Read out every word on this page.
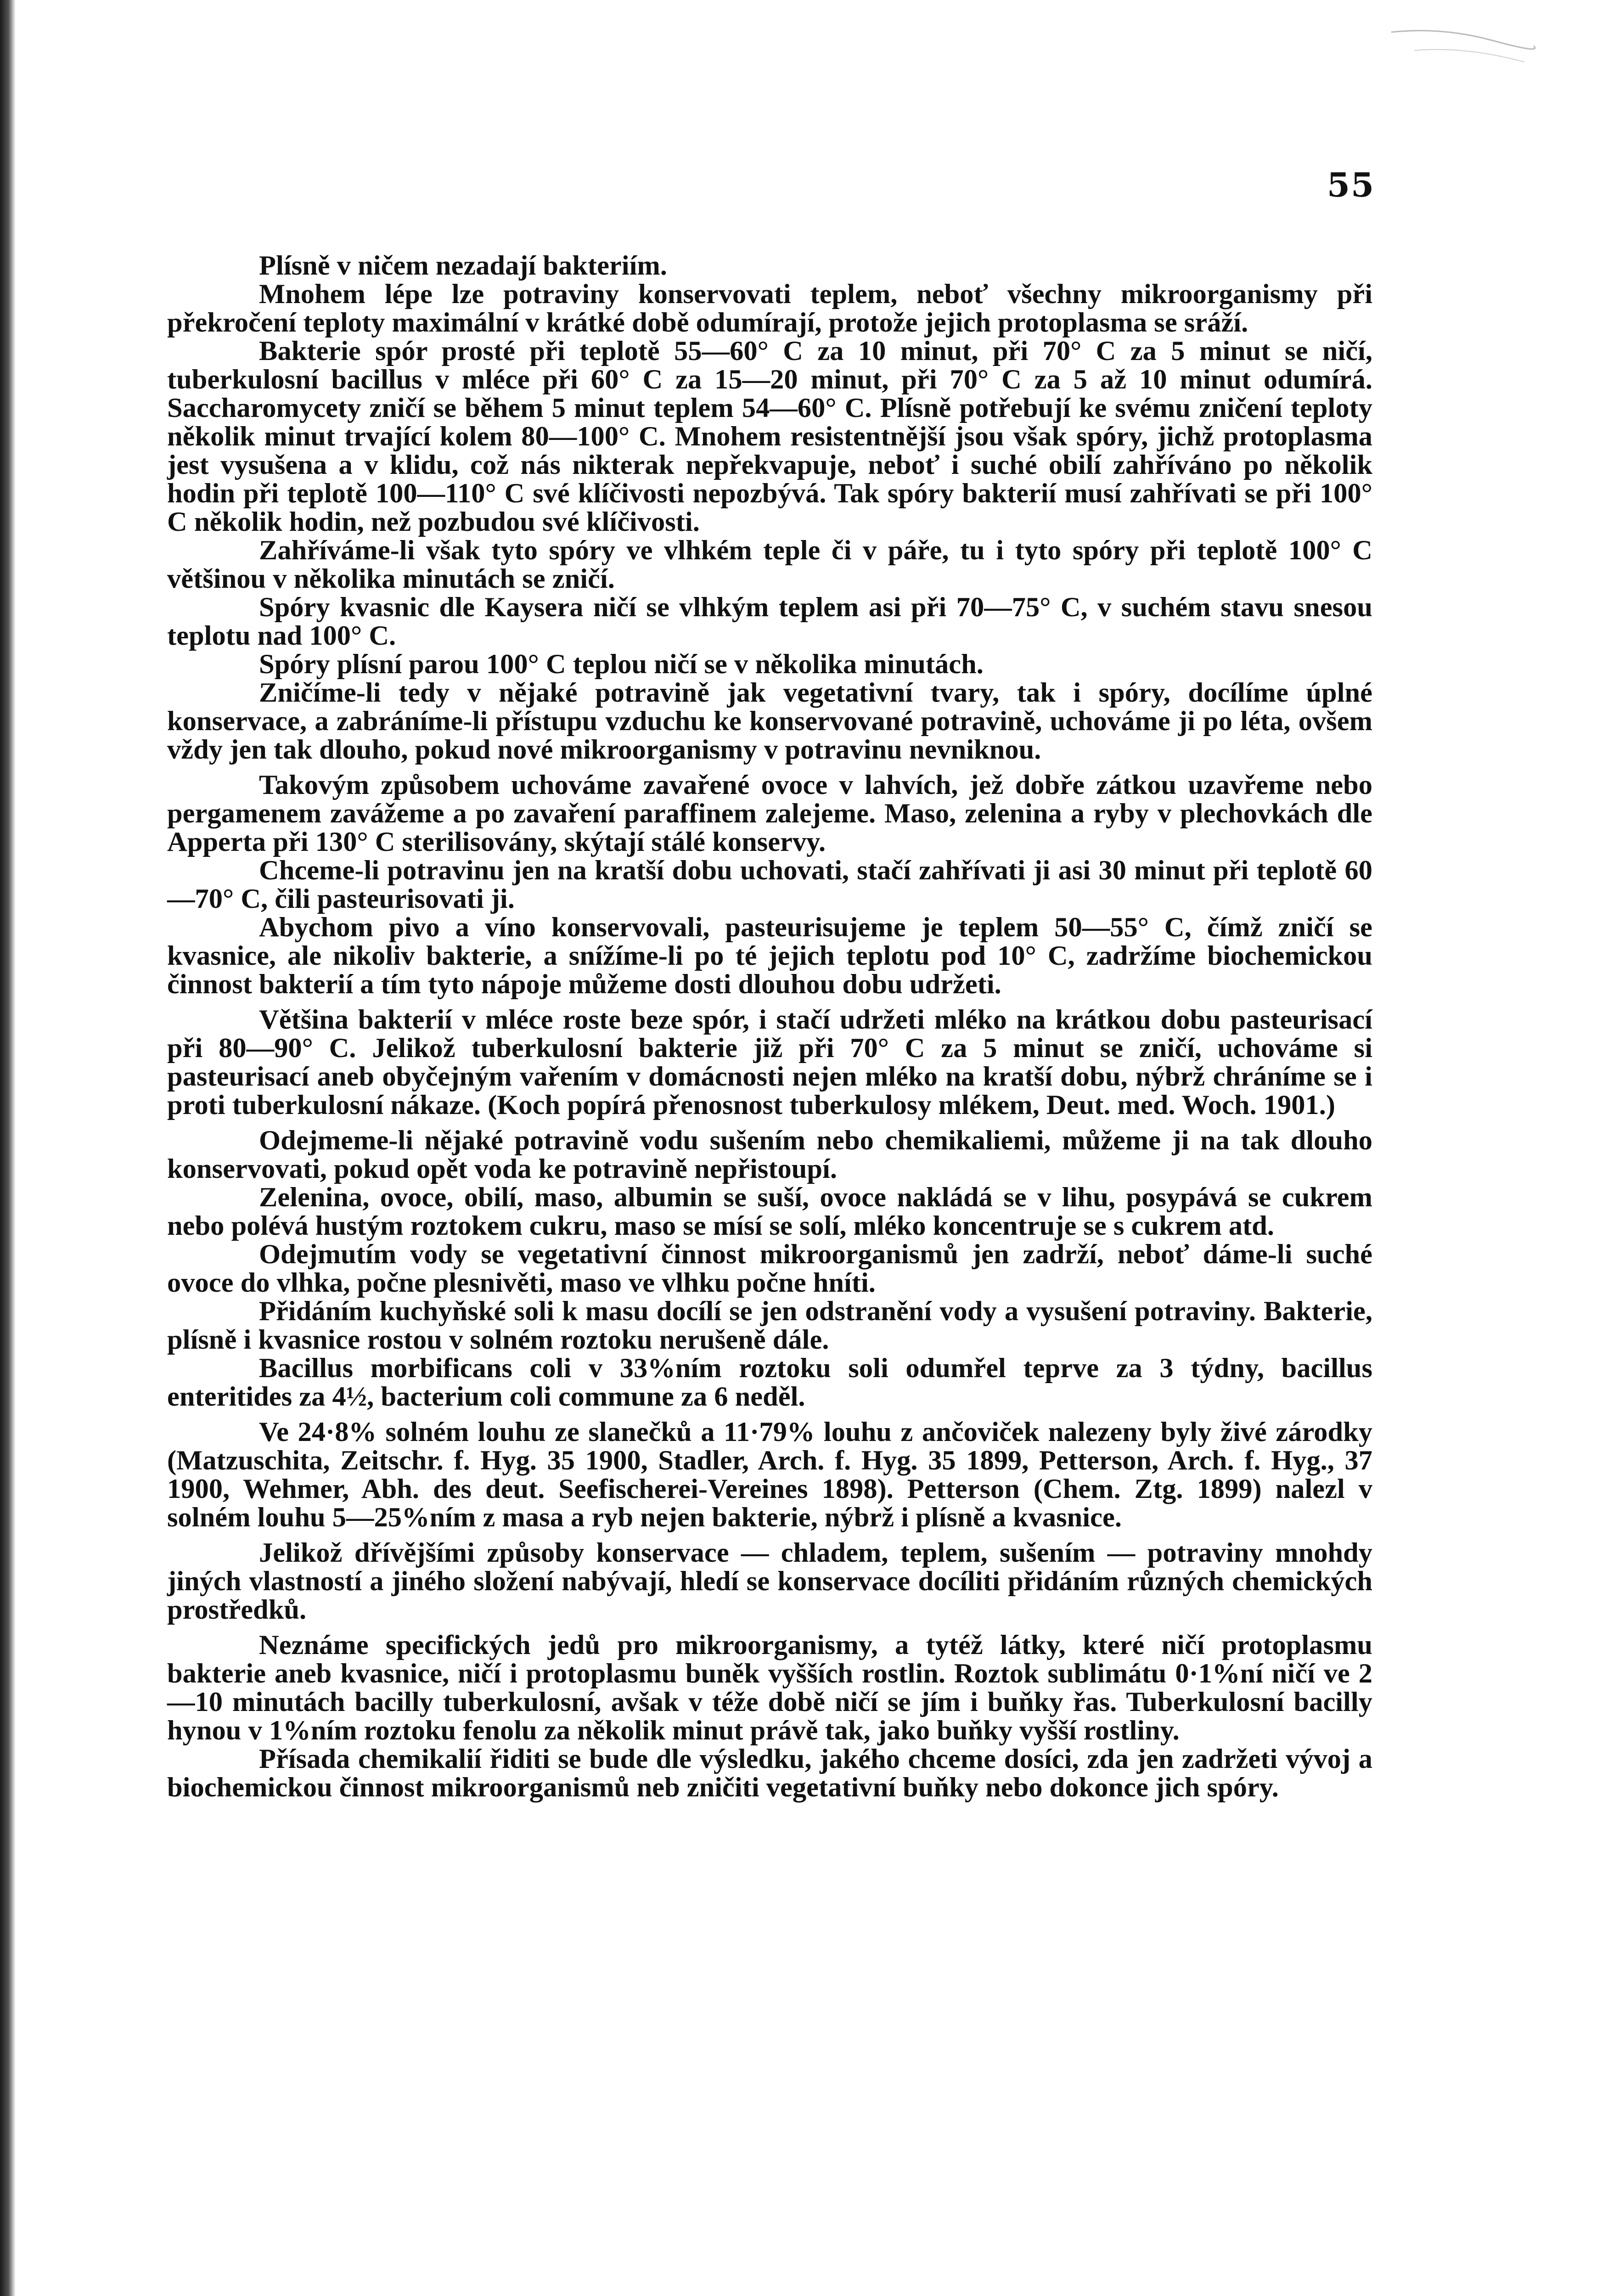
55

Plísně v ničem nezadají bakteriím.

Mnohem lépe lze potraviny konservovati teplem, neboť všechny mikroorganismy při překročení teploty maximální v krátké době odumírají, protože jejich protoplasma se sráží.

Bakterie spór prosté při teplotě 55—60° C za 10 minut, při 70° C za 5 minut se ničí, tuberkulosní bacillus v mléce při 60° C za 15—20 minut, při 70° C za 5 až 10 minut odumírá. Saccharomycety zničí se během 5 minut teplem 54—60° C. Plísně potřebují ke svému zničení teploty několik minut trvající kolem 80—100° C. Mnohem resistentnější jsou však spóry, jichž protoplasma jest vysušena a v klidu, což nás nikterak nepřekvapuje, neboť i suché obilí zahříváno po několik hodin při teplotě 100—110° C své klíčivosti nepozbývá. Tak spóry bakterií musí zahřívati se při 100° C několik hodin, než pozbudou své klíčivosti.

Zahříváme-li však tyto spóry ve vlhkém teple či v páře, tu i tyto spóry při teplotě 100° C většinou v několika minutách se zničí.

Spóry kvasnic dle Kaysera ničí se vlhkým teplem asi při 70—75° C, v suchém stavu snesou teplotu nad 100° C.

Spóry plísní parou 100° C teplou ničí se v několika minutách.

Zničíme-li tedy v nějaké potravině jak vegetativní tvary, tak i spóry, docílíme úplné konservace, a zabráníme-li přístupu vzduchu ke konservované potravině, uchováme ji po léta, ovšem vždy jen tak dlouho, pokud nové mikroorganismy v potravinu nevniknou.

Takovým způsobem uchováme zavařené ovoce v lahvích, jež dobře zátkou uzavřeme nebo pergamenem zavážeme a po zavaření paraffinem zalejeme. Maso, zelenina a ryby v plechovkách dle Apperta při 130° C sterilisovány, skýtají stálé konservy.

Chceme-li potravinu jen na kratší dobu uchovati, stačí zahřívati ji asi 30 minut při teplotě 60—70° C, čili pasteurisovati ji.

Abychom pivo a víno konservovali, pasteurisujeme je teplem 50—55° C, čímž zničí se kvasnice, ale nikoliv bakterie, a snížíme-li po té jejich teplotu pod 10° C, zadržíme biochemickou činnost bakterií a tím tyto nápoje můžeme dosti dlouhou dobu udržeti.

Většina bakterií v mléce roste beze spór, i stačí udržeti mléko na krátkou dobu pasteurisací při 80—90° C. Jelikož tuberkulosní bakterie již při 70° C za 5 minut se zničí, uchováme si pasteurisací aneb obyčejným vařením v domácnosti nejen mléko na kratší dobu, nýbrž chráníme se i proti tuberkulosní nákaze. (Koch popírá přenosnost tuberkulosy mlékem, Deut. med. Woch. 1901.)

Odejmeme-li nějaké potravině vodu sušením nebo chemikaliemi, můžeme ji na tak dlouho konservovati, pokud opět voda ke potravině nepřistoupí.

Zelenina, ovoce, obilí, maso, albumin se suší, ovoce nakládá se v lihu, posypává se cukrem nebo polévá hustým roztokem cukru, maso se mísí se solí, mléko koncentruje se s cukrem atd.

Odejmutím vody se vegetativní činnost mikroorganismů jen zadrží, neboť dáme-li suché ovoce do vlhka, počne plesnivěti, maso ve vlhku počne hníti.

Přidáním kuchyňské soli k masu docílí se jen odstranění vody a vysušení potraviny. Bakterie, plísně i kvasnice rostou v solném roztoku nerušeně dále.

Bacillus morbificans coli v 33%ním roztoku soli odumřel teprve za 3 týdny, bacillus enteritides za 4½, bacterium coli commune za 6 neděl.

Ve 24·8% solném louhu ze slanečků a 11·79% louhu z ančoviček nalezeny byly živé zárodky (Matzuschita, Zeitschr. f. Hyg. 35 1900, Stadler, Arch. f. Hyg. 35 1899, Petterson, Arch. f. Hyg., 37 1900, Wehmer, Abh. des deut. Seefischerei-Vereines 1898). Petterson (Chem. Ztg. 1899) nalezl v solném louhu 5—25%ním z masa a ryb nejen bakterie, nýbrž i plísně a kvasnice.

Jelikož dřívějšími způsoby konservace — chladem, teplem, sušením — potraviny mnohdy jiných vlastností a jiného složení nabývají, hledí se konservace docíliti přidáním různých chemických prostředků.

Neznáme specifických jedů pro mikroorganismy, a tytéž látky, které ničí protoplasmu bakterie aneb kvasnice, ničí i protoplasmu buněk vyšších rostlin. Roztok sublimátu 0·1%ní ničí ve 2—10 minutách bacilly tuberkulosní, avšak v téže době ničí se jím i buňky řas. Tuberkulosní bacilly hynou v 1%ním roztoku fenolu za několik minut právě tak, jako buňky vyšší rostliny.

Přísada chemikalií řiditi se bude dle výsledku, jakého chceme dosíci, zda jen zadržeti vývoj a biochemickou činnost mikroorganismů neb zničiti vegetativní buňky nebo dokonce jich spóry.
